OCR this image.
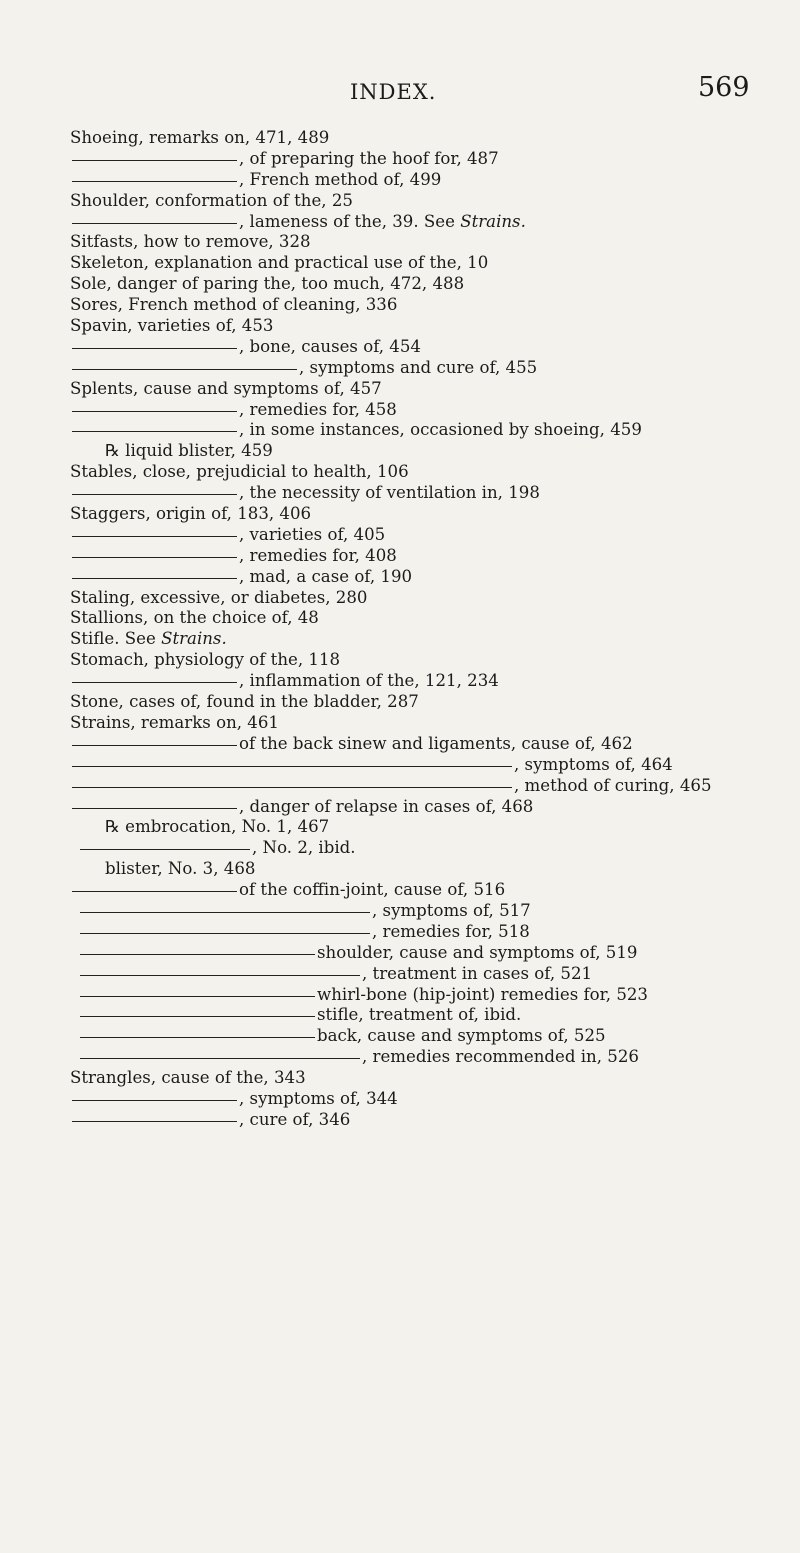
INDEX.	569
Shoeing, remarks on, 471, 489
, of preparing the hoof for, 487
, French method of, 499
Shoulder, conformation of the, 25
, lameness of the, 39. See Strains.
Sitfasts, how to remove, 328
Skeleton, explanation and practical use of the, 10
Sole, danger of paring the, too much, 472, 488
Sores, French method of cleaning, 336
Spavin, varieties of, 453
, bone, causes of, 454
, symptoms and cure of, 455
Splents, cause and symptoms of, 457
, remedies for, 458
, in some instances, occasioned by shoeing, 459
℞ liquid blister, 459
Stables, close, prejudicial to health, 106
, the necessity of ventilation in, 198
Staggers, origin of, 183, 406
, varieties of, 405
, remedies for, 408
, mad, a case of, 190
Staling, excessive, or diabetes, 280
Stallions, on the choice of, 48
Stifle. See Strains.
Stomach, physiology of the, 118
, inflammation of the, 121, 234
Stone, cases of, found in the bladder, 287
Strains, remarks on, 461
of the back sinew and ligaments, cause of, 462
, symptoms of, 464
, method of curing, 465
, danger of relapse in cases of, 468
℞ embrocation, No. 1, 467
, No. 2, ibid.
blister, No. 3, 468
of the coffin-joint, cause of, 516
, symptoms of, 517
, remedies for, 518
shoulder, cause and symptoms of, 519
, treatment in cases of, 521
whirl-bone (hip-joint) remedies for, 523
stifle, treatment of, ibid.
back, cause and symptoms of, 525
, remedies recommended in, 526
Strangles, cause of the, 343
, symptoms of, 344
, cure of, 346
